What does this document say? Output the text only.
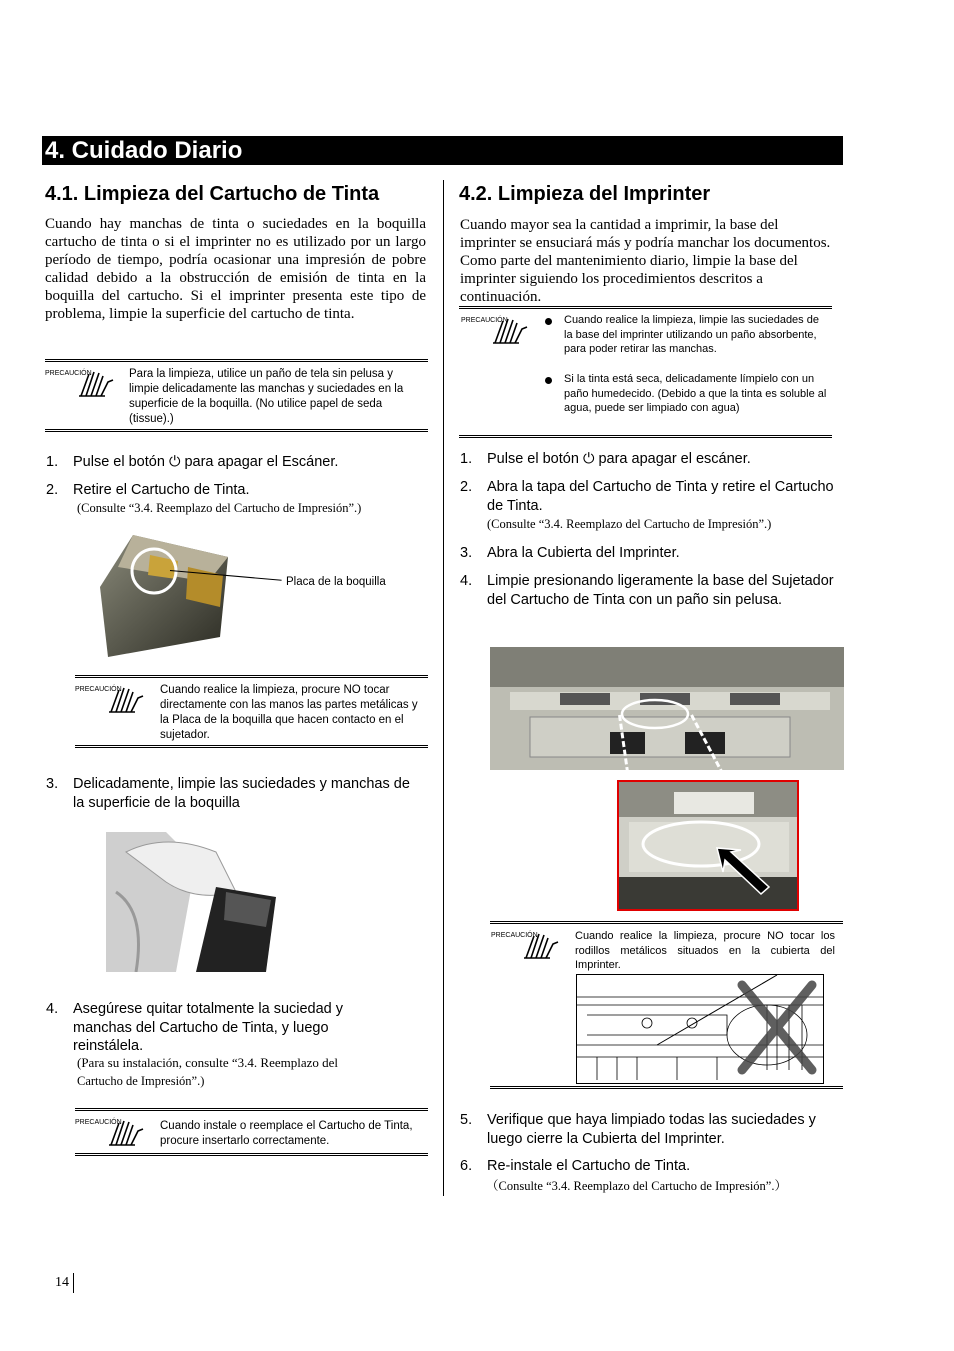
4. Cuidado Diario
4.1. Limpieza del Cartucho de Tinta
Cuando hay manchas de tinta o suciedades en la boquilla cartucho de tinta o si el imprinter no es utilizado por un largo período de tiempo, podría ocasionar una impresión de pobre calidad debido a la obstrucción de emisión de tinta en la boquilla del cartucho. Si el imprinter presenta este tipo de problema, limpie la superficie del cartucho de tinta.
PRECAUCIÓN	Para la limpieza, utilice un paño de tela sin pelusa y limpie delicadamente las manchas y suciedades en la superficie de la boquilla. (No utilice papel de seda (tissue).)
1. Pulse el botón ⏻ para apagar el Escáner.
2. Retire el Cartucho de Tinta.
(Consulte “3.4. Reemplazo del Cartucho de Impresión”.)
Placa de la boquilla
PRECAUCIÓN	Cuando realice la limpieza, procure NO tocar directamente con las manos las partes metálicas y la Placa de la boquilla que hacen contacto en el sujetador.
3. Delicadamente, limpie las suciedades y manchas de la superficie de la boquilla
4. Asegúrese quitar totalmente la suciedad y manchas del Cartucho de Tinta, y luego reinstálela.
(Para su instalación, consulte “3.4. Reemplazo del
Cartucho de Impresión”.)
PRECAUCIÓN	Cuando instale o reemplace el Cartucho de Tinta, procure insertarlo correctamente.
4.2. Limpieza del Imprinter
Cuando mayor sea la cantidad a imprimir, la base del imprinter se ensuciará más y podría manchar los documentos. Como parte del mantenimiento diario, limpie la base del imprinter siguiendo los procedimientos descritos a continuación.
PRECAUCIÓN	Cuando realice la limpieza, limpie las suciedades de la base del imprinter utilizando un paño absorbente, para poder retirar las manchas.
Si la tinta está seca, delicadamente límpielo con un paño humedecido. (Debido a que la tinta es soluble al agua, puede ser limpiado con agua)
1. Pulse el botón ⏻ para apagar el escáner.
2. Abra la tapa del Cartucho de Tinta y retire el Cartucho de Tinta.
(Consulte “3.4. Reemplazo del Cartucho de Impresión”.)
3. Abra la Cubierta del Imprinter.
4. Limpie presionando ligeramente la base del Sujetador del Cartucho de Tinta con un paño sin pelusa.
PRECAUCIÓN	Cuando realice la limpieza, procure NO tocar los rodillos metálicos situados en la cubierta del Imprinter.
5. Verifique que haya limpiado todas las suciedades y luego cierre la Cubierta del Imprinter.
6. Re-instale el Cartucho de Tinta.
（Consulte “3.4. Reemplazo del Cartucho de Impresión”.）
14
